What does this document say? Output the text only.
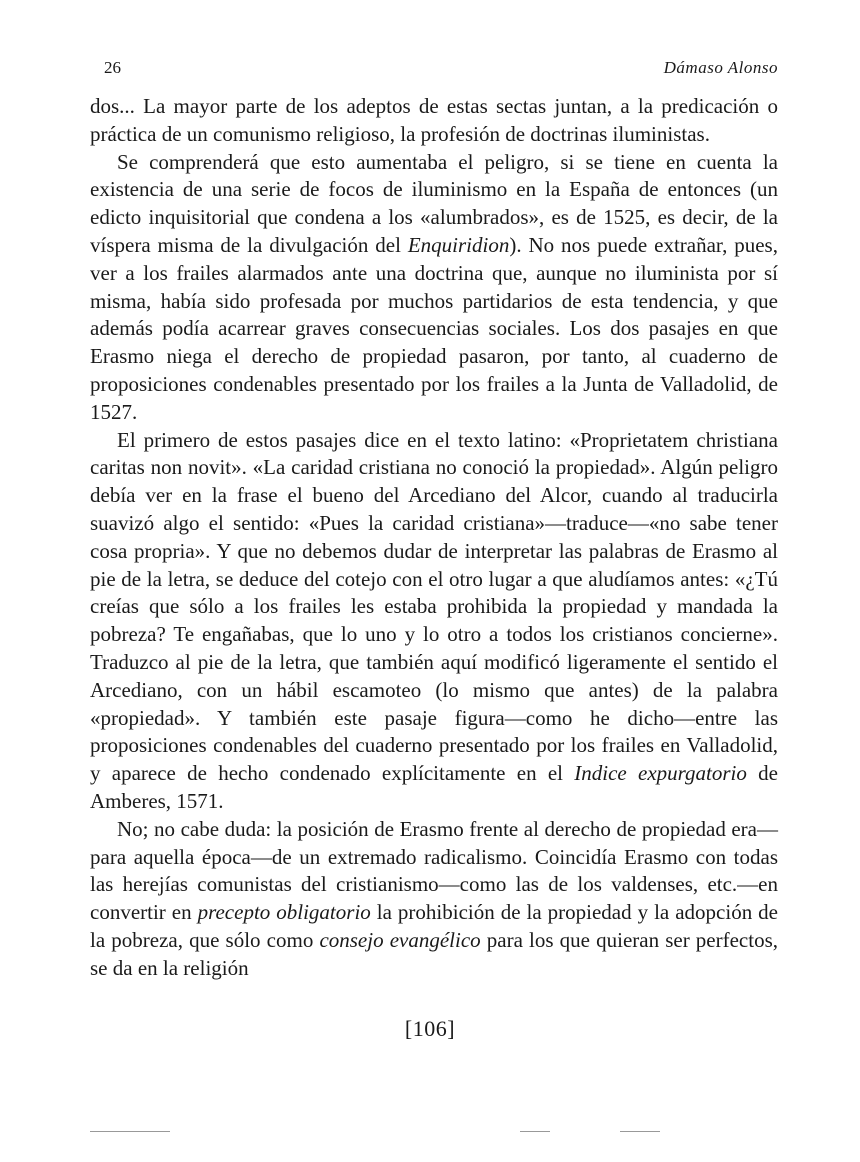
26	Dámaso Alonso

dos... La mayor parte de los adeptos de estas sectas juntan, a la predicación o práctica de un comunismo religioso, la profesión de doctrinas iluministas.

Se comprenderá que esto aumentaba el peligro, si se tiene en cuenta la existencia de una serie de focos de iluminismo en la España de entonces (un edicto inquisitorial que condena a los «alumbrados», es de 1525, es decir, de la víspera misma de la divulgación del Enquiridion). No nos puede extrañar, pues, ver a los frailes alarmados ante una doctrina que, aunque no iluminista por sí misma, había sido profesada por muchos partidarios de esta tendencia, y que además podía acarrear graves consecuencias sociales. Los dos pasajes en que Erasmo niega el derecho de propiedad pasaron, por tanto, al cuaderno de proposiciones condenables presentado por los frailes a la Junta de Valladolid, de 1527.

El primero de estos pasajes dice en el texto latino: «Proprietatem christiana caritas non novit». «La caridad cristiana no conoció la propiedad». Algún peligro debía ver en la frase el bueno del Arcediano del Alcor, cuando al traducirla suavizó algo el sentido: «Pues la caridad cristiana»—traduce—«no sabe tener cosa propria». Y que no debemos dudar de interpretar las palabras de Erasmo al pie de la letra, se deduce del cotejo con el otro lugar a que aludíamos antes: «¿Tú creías que sólo a los frailes les estaba prohibida la propiedad y mandada la pobreza? Te engañabas, que lo uno y lo otro a todos los cristianos concierne». Traduzco al pie de la letra, que también aquí modificó ligeramente el sentido el Arcediano, con un hábil escamoteo (lo mismo que antes) de la palabra «propiedad». Y también este pasaje figura—como he dicho—entre las proposiciones condenables del cuaderno presentado por los frailes en Valladolid, y aparece de hecho condenado explícitamente en el Indice expurgatorio de Amberes, 1571.

No; no cabe duda: la posición de Erasmo frente al derecho de propiedad era—para aquella época—de un extremado radicalismo. Coincidía Erasmo con todas las herejías comunistas del cristianismo—como las de los valdenses, etc.—en convertir en precepto obligatorio la prohibición de la propiedad y la adopción de la pobreza, que sólo como consejo evangélico para los que quieran ser perfectos, se da en la religión

[106]
